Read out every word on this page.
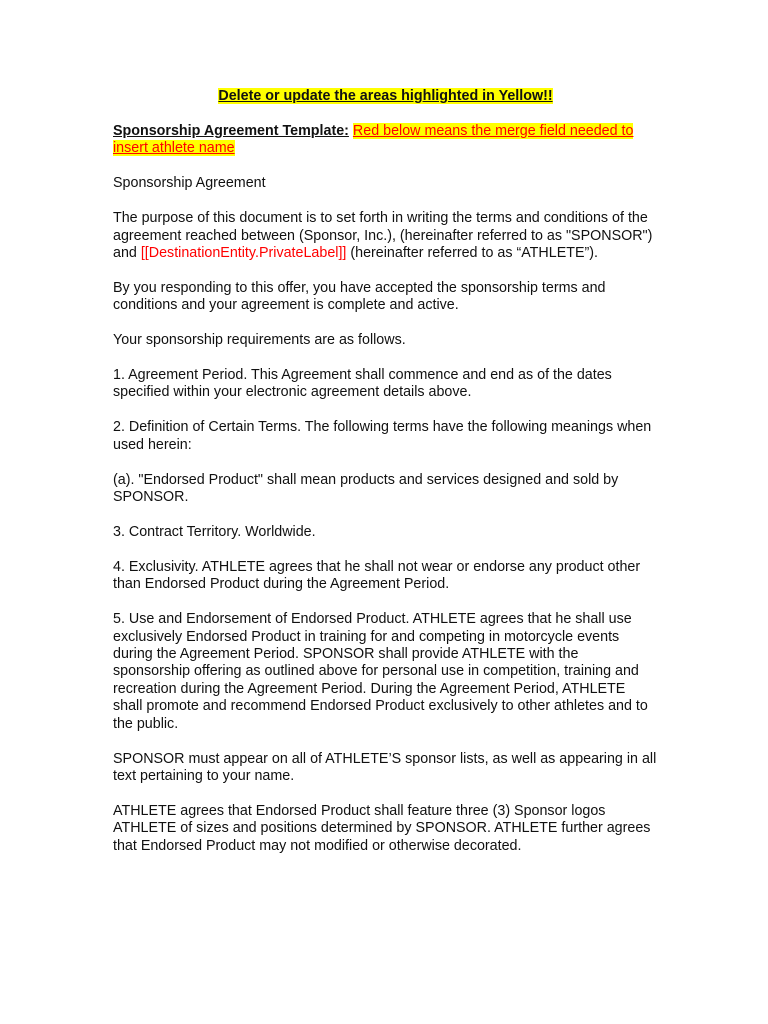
Delete or update the areas highlighted in Yellow!!
Sponsorship Agreement Template: Red below means the merge field needed to insert athlete name

Sponsorship Agreement

The purpose of this document is to set forth in writing the terms and conditions of the agreement reached between (Sponsor, Inc.), (hereinafter referred to as "SPONSOR") and [[DestinationEntity.PrivateLabel]] (hereinafter referred to as “ATHLETE”).

By you responding to this offer, you have accepted the sponsorship terms and conditions and your agreement is complete and active.

Your sponsorship requirements are as follows.

1. Agreement Period. This Agreement shall commence and end as of the dates specified within your electronic agreement details above.

2. Definition of Certain Terms. The following terms have the following meanings when used herein:

(a). "Endorsed Product" shall mean products and services designed and sold by SPONSOR.

3. Contract Territory. Worldwide.

4. Exclusivity. ATHLETE agrees that he shall not wear or endorse any product other than Endorsed Product during the Agreement Period.

5. Use and Endorsement of Endorsed Product. ATHLETE agrees that he shall use exclusively Endorsed Product in training for and competing in motorcycle events during the Agreement Period. SPONSOR shall provide ATHLETE with the sponsorship offering as outlined above for personal use in competition, training and recreation during the Agreement Period. During the Agreement Period, ATHLETE shall promote and recommend Endorsed Product exclusively to other athletes and to the public.

SPONSOR must appear on all of ATHLETE’S sponsor lists, as well as appearing in all text pertaining to your name.

ATHLETE agrees that Endorsed Product shall feature three (3) Sponsor logos ATHLETE of sizes and positions determined by SPONSOR. ATHLETE further agrees that Endorsed Product may not modified or otherwise decorated.
